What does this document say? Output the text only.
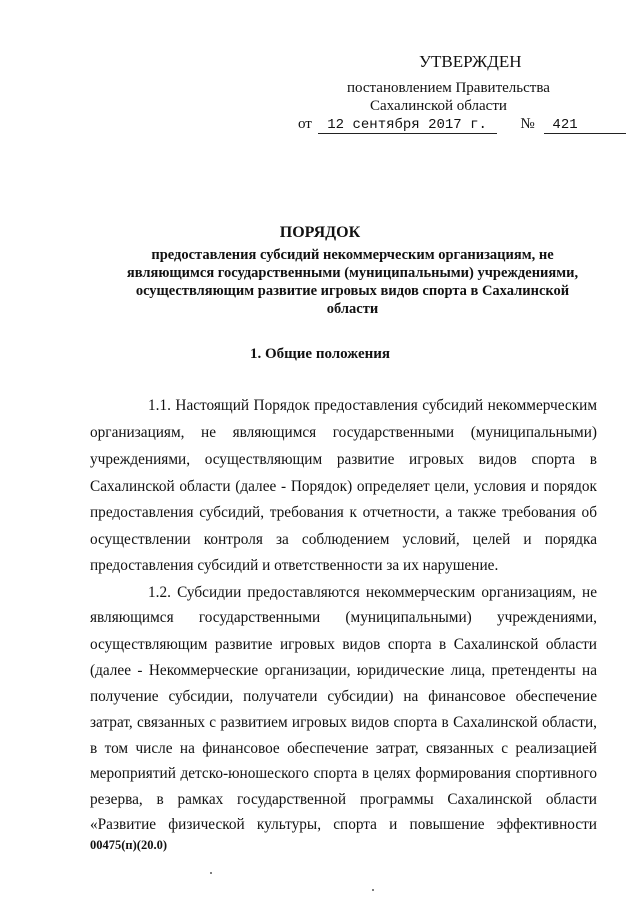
УТВЕРЖДЕН
постановлением Правительства
Сахалинской области
от 12 сентября 2017 г. № 421
ПОРЯДОК
предоставления субсидий некоммерческим организациям, не
являющимся государственными (муниципальными) учреждениями,
осуществляющим развитие игровых видов спорта в Сахалинской
области
1. Общие положения
1.1. Настоящий Порядок предоставления субсидий некоммерческим
организациям, не являющимся государственными (муниципальными)
учреждениями, осуществляющим развитие игровых видов спорта в
Сахалинской области (далее - Порядок) определяет цели, условия и порядок
предоставления субсидий, требования к отчетности, а также требования об
осуществлении контроля за соблюдением условий, целей и порядка
предоставления субсидий и ответственности за их нарушение.
1.2. Субсидии предоставляются некоммерческим организациям, не
являющимся государственными (муниципальными) учреждениями,
осуществляющим развитие игровых видов спорта в Сахалинской области
(далее - Некоммерческие организации, юридические лица, претенденты на
получение субсидии, получатели субсидии) на финансовое обеспечение
затрат, связанных с развитием игровых видов спорта в Сахалинской области,
в том числе на финансовое обеспечение затрат, связанных с реализацией
мероприятий детско-юношеского спорта в целях формирования спортивного
резерва, в рамках государственной программы Сахалинской области
«Развитие физической культуры, спорта и повышение эффективности
00475(п)(20.0)
